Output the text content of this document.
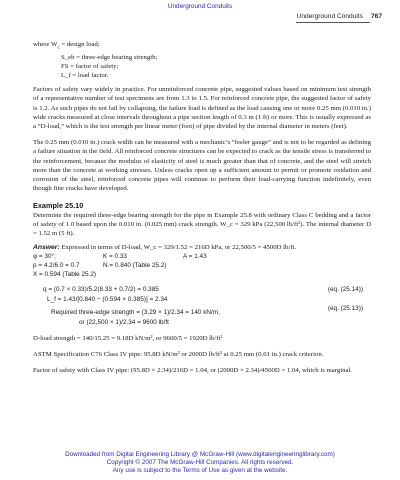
Underground Conduits
Underground Conduits 767
where $W_c$ = design load;
S_eb = three-edge bearing strength;
FS = factor of safety;
L_f = load factor.

Factors of safety vary widely in practice. For unreinforced concrete pipe, suggested values based on minimum test strength of a representative number of test specimens are from 1.3 to 1.5. For reinforced concrete pipe, the suggested factor of safety is 1.2. As such pipes do not fail by collapsing, the failure load is defined as the load causing one or more 0.25 mm (0.010 in.) wide cracks measured at close intervals throughout a pipe section length of 0.3 m (1 ft) or more. This is usually expressed as a “D-load,” which is the test strength per linear meter (foot) of pipe divided by the internal diameter in meters (feet).

The 0.25 mm (0.010 in.) crack width can be measured with a mechanic’s “feeler gauge” and is not to be regarded as defining a failure situation in the field. All reinforced concrete structures can be expected to crack as the tensile stress is transferred to the reinforcement, because the modulus of elasticity of steel is much greater than that of concrete, and the steel will stretch more than the concrete at working stresses. Unless cracks open up a sufficient amount to permit or promote oxidation and corrosion of the steel, reinforced concrete pipes will continue to perform their load-carrying function indefinitely, even though fine cracks have developed.

Example 25.10

Determine the required three-edge bearing strength for the pipe in Example 25.8 with ordinary Class C bedding and a factor of safety of 1.0 based upon the 0.010 in. (0.025 mm) crack strength. W_c = 329 kPa (22,500 lb/ft²). The internal diameter D = 1.52 m (5 ft).

Answer: Expressed in terms of D-load, W_c = 329/1.52 = 216D kPa, or 22,500/5 = 4500D lb/ft.

φ = 30°;	K = 0.33	A = 1.43
p = 4.2/6.0 = 0.7	N = 0.840 (Table 25.2)
X = 0.594 (Table 25.2)
q = (0.7 × 0.33)/5.2(8.33 + 0.7/2) = 0.385	(eq. (25.14))
L_f = 1.43/[0.840 − (0.594 × 0.385)] = 2.34
(eq. (25.13))
Required three-edge strength = (3.29 × 1)/2.34 = 140 kN/m,
or (22,500 × 1)/2.34 = 9600 lb/ft

D-load strength = 140/15.25 = 9.18D kN/m², or 9600/5 = 1920D lb/ft²

ASTM Specification C76 Class IV pipe: 95.8D kN/m² or 2000D lb/ft² at 0.25 mm (0.01 in.) crack criterion.

Factor of safety with Class IV pipe: (95.8D × 2.34)/216D = 1.04, or (2000D × 2.34)/4500D = 1.04, which is marginal.

Downloaded from Digital Engineering Library @ McGraw-Hill (www.digitalengineeringlibrary.com)
Copyright © 2007 The McGraw-Hill Companies. All rights reserved.
Any use is subject to the Terms of Use as given at the website.
